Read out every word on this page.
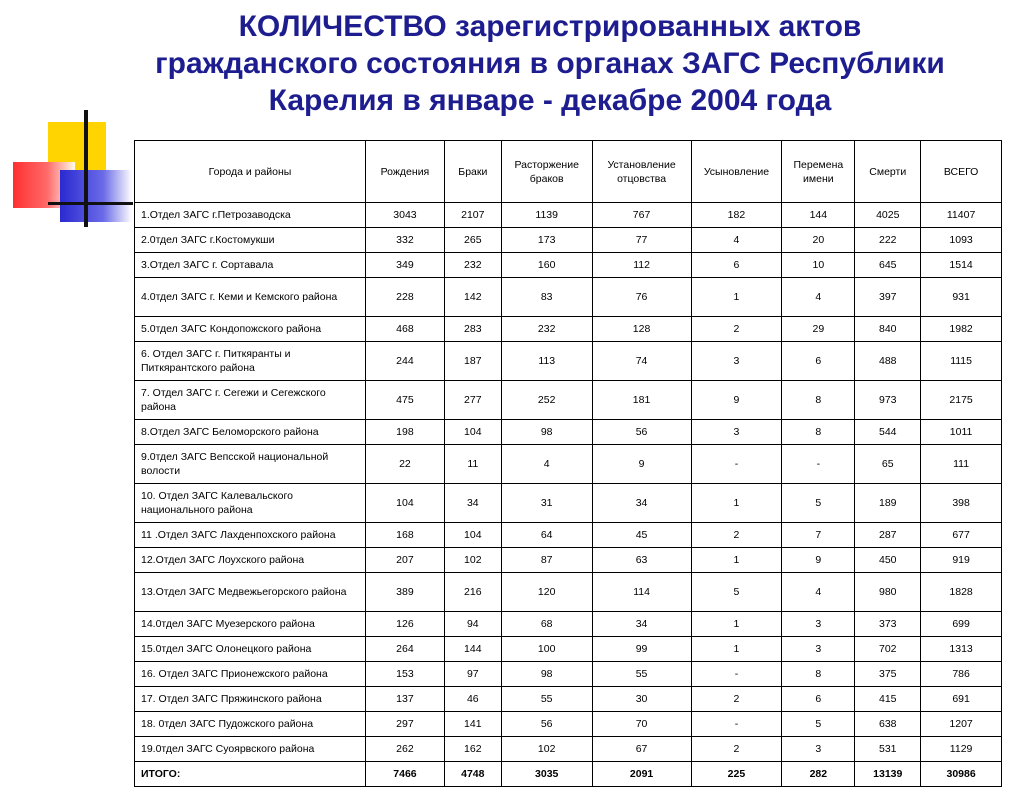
КОЛИЧЕСТВО зарегистрированных актов
гражданского состояния в органах ЗАГС Республики
Карелия в январе - декабре 2004 года
Города и районы	Рождения	Браки	Расторжение браков	Установление отцовства	Усыновление	Перемена имени	Смерти	ВСЕГО
1.Отдел ЗАГС г.Петрозаводска	3043	2107	1139	767	182	144	4025	11407
2.0тдел ЗАГС г.Костомукши	332	265	173	77	4	20	222	1093
3.Отдел ЗАГС г. Сортавала	349	232	160	112	6	10	645	1514
4.0тдел ЗАГС г. Кеми и Кемского района	228	142	83	76	1	4	397	931
5.0тдел ЗАГС Кондопожского района	468	283	232	128	2	29	840	1982
6. Отдел ЗАГС г. Питкяранты и Питкярантского района	244	187	113	74	3	6	488	1115
7. Отдел ЗАГС г. Сегежи и Сегежского района	475	277	252	181	9	8	973	2175
8.Отдел ЗАГС Беломорского района	198	104	98	56	3	8	544	1011
9.0тдел ЗАГС Вепсской национальной волости	22	11	4	9	-	-	65	111
10. Отдел ЗАГС Калевальского национального района	104	34	31	34	1	5	189	398
11 .Отдел ЗАГС Лахденпохского района	168	104	64	45	2	7	287	677
12.Отдел ЗАГС Лоухского района	207	102	87	63	1	9	450	919
13.Отдел ЗАГС Медвежьегорского района	389	216	120	114	5	4	980	1828
14.0тдел ЗАГС Муезерского района	126	94	68	34	1	3	373	699
15.0тдел ЗАГС Олонецкого района	264	144	100	99	1	3	702	1313
16. Отдел ЗАГС Прионежского района	153	97	98	55	-	8	375	786
17. Отдел ЗАГС Пряжинского района	137	46	55	30	2	6	415	691
18. 0тдел ЗАГС Пудожского района	297	141	56	70	-	5	638	1207
19.0тдел ЗАГС Суоярвского района	262	162	102	67	2	3	531	1129
ИТОГО:	7466	4748	3035	2091	225	282	13139	30986
